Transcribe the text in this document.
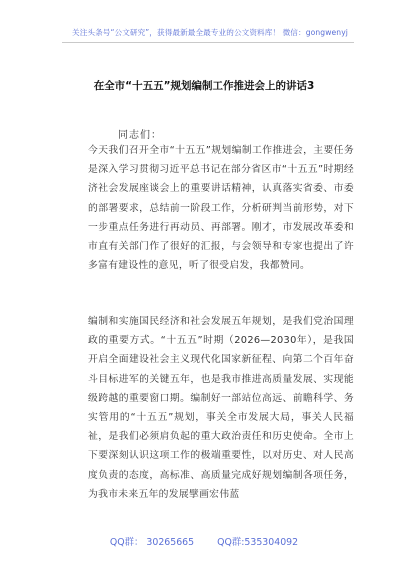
关注头条号“公文研究”，获得最新最全最专业的公文资料库！ 微信：gongwenyj
在全市“十五五”规划编制工作推进会上的讲话3
同志们：
今天我们召开全市“十五五”规划编制工作推进会，主要任务是深入学习贯彻习近平总书记在部分省区市“十五五”时期经济社会发展座谈会上的重要讲话精神，认真落实省委、市委的部署要求，总结前一阶段工作，分析研判当前形势，对下一步重点任务进行再动员、再部署。刚才，市发展改革委和市直有关部门作了很好的汇报，与会领导和专家也提出了许多富有建设性的意见，听了很受启发，我都赞同。
编制和实施国民经济和社会发展五年规划，是我们党治国理政的重要方式。“十五五”时期（2026—2030年），是我国开启全面建设社会主义现代化国家新征程、向第二个百年奋斗目标进军的关键五年，也是我市推进高质量发展、实现能级跨越的重要窗口期。编制好一部站位高远、前瞻科学、务实管用的“十五五”规划，事关全市发展大局，事关人民福祉，是我们必须肩负起的重大政治责任和历史使命。全市上下要深刻认识这项工作的极端重要性，以对历史、对人民高度负责的态度，高标准、高质量完成好规划编制各项任务，为我市未来五年的发展擘画宏伟蓝
QQ群： 30265665 QQ群:535304092
